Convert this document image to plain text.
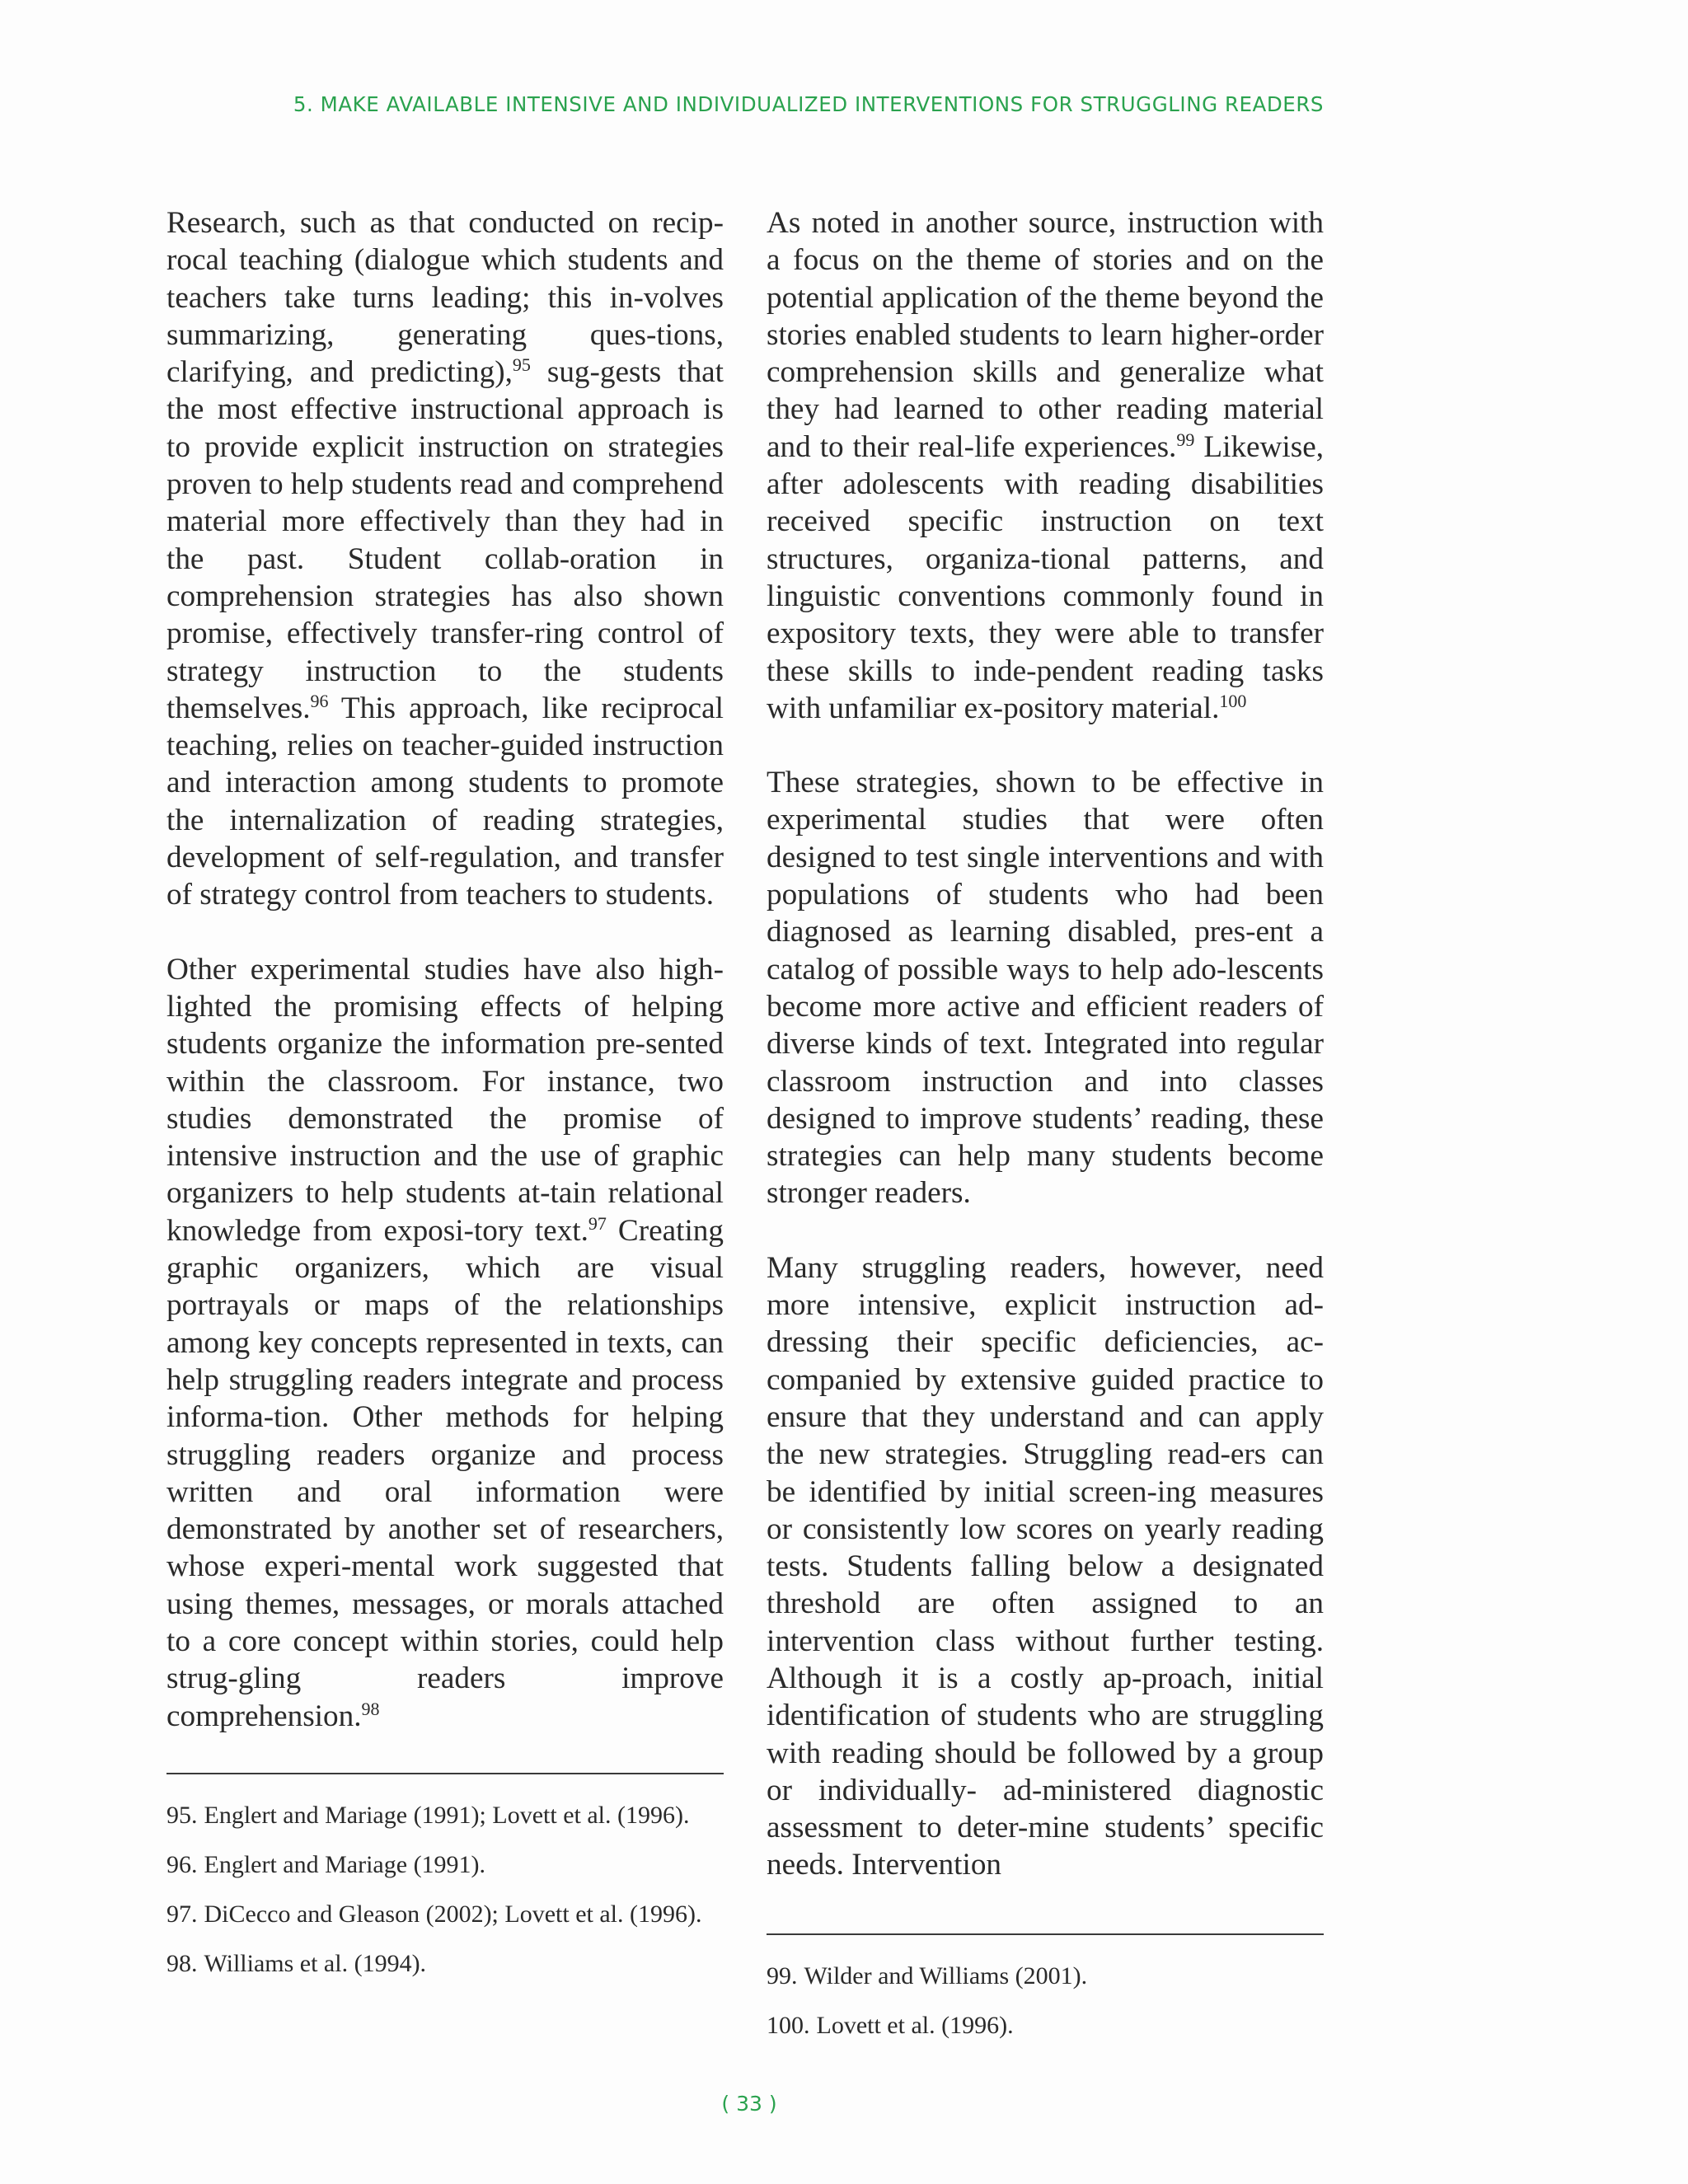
5. MAKE AVAILABLE INTENSIVE AND INDIVIDUALIZED INTERVENTIONS FOR STRUGGLING READERS

Research, such as that conducted on recip-rocal teaching (dialogue which students and teachers take turns leading; this in-volves summarizing, generating ques-tions, clarifying, and predicting),$^{95}$ sug-gests that the most effective instructional approach is to provide explicit instruction on strategies proven to help students read and comprehend material more effectively than they had in the past. Student collab-oration in comprehension strategies has also shown promise, effectively transfer-ring control of strategy instruction to the students themselves.$^{96}$ This approach, like reciprocal teaching, relies on teacher-guided instruction and interaction among students to promote the internalization of reading strategies, development of self-regulation, and transfer of strategy control from teachers to students.

Other experimental studies have also high-lighted the promising effects of helping students organize the information pre-sented within the classroom. For instance, two studies demonstrated the promise of intensive instruction and the use of graphic organizers to help students at-tain relational knowledge from exposi-tory text.$^{97}$ Creating graphic organizers, which are visual portrayals or maps of the relationships among key concepts represented in texts, can help struggling readers integrate and process informa-tion. Other methods for helping struggling readers organize and process written and oral information were demonstrated by another set of researchers, whose experi-mental work suggested that using themes, messages, or morals attached to a core concept within stories, could help strug-gling readers improve comprehension.$^{98}$

95. Englert and Mariage (1991); Lovett et al. (1996).
96. Englert and Mariage (1991).
97. DiCecco and Gleason (2002); Lovett et al. (1996).
98. Williams et al. (1994).

As noted in another source, instruction with a focus on the theme of stories and on the potential application of the theme beyond the stories enabled students to learn higher-order comprehension skills and generalize what they had learned to other reading material and to their real-life experiences.$^{99}$ Likewise, after adolescents with reading disabilities received specific instruction on text structures, organiza-tional patterns, and linguistic conventions commonly found in expository texts, they were able to transfer these skills to inde-pendent reading tasks with unfamiliar ex-pository material.$^{100}$

These strategies, shown to be effective in experimental studies that were often designed to test single interventions and with populations of students who had been diagnosed as learning disabled, pres-ent a catalog of possible ways to help ado-lescents become more active and efficient readers of diverse kinds of text. Integrated into regular classroom instruction and into classes designed to improve students’ reading, these strategies can help many students become stronger readers.

Many struggling readers, however, need more intensive, explicit instruction ad-dressing their specific deficiencies, ac-companied by extensive guided practice to ensure that they understand and can apply the new strategies. Struggling read-ers can be identified by initial screen-ing measures or consistently low scores on yearly reading tests. Students falling below a designated threshold are often assigned to an intervention class without further testing. Although it is a costly ap-proach, initial identification of students who are struggling with reading should be followed by a group or individually- ad-ministered diagnostic assessment to deter-mine students’ specific needs. Intervention

99. Wilder and Williams (2001).
100. Lovett et al. (1996).
( 33 )
